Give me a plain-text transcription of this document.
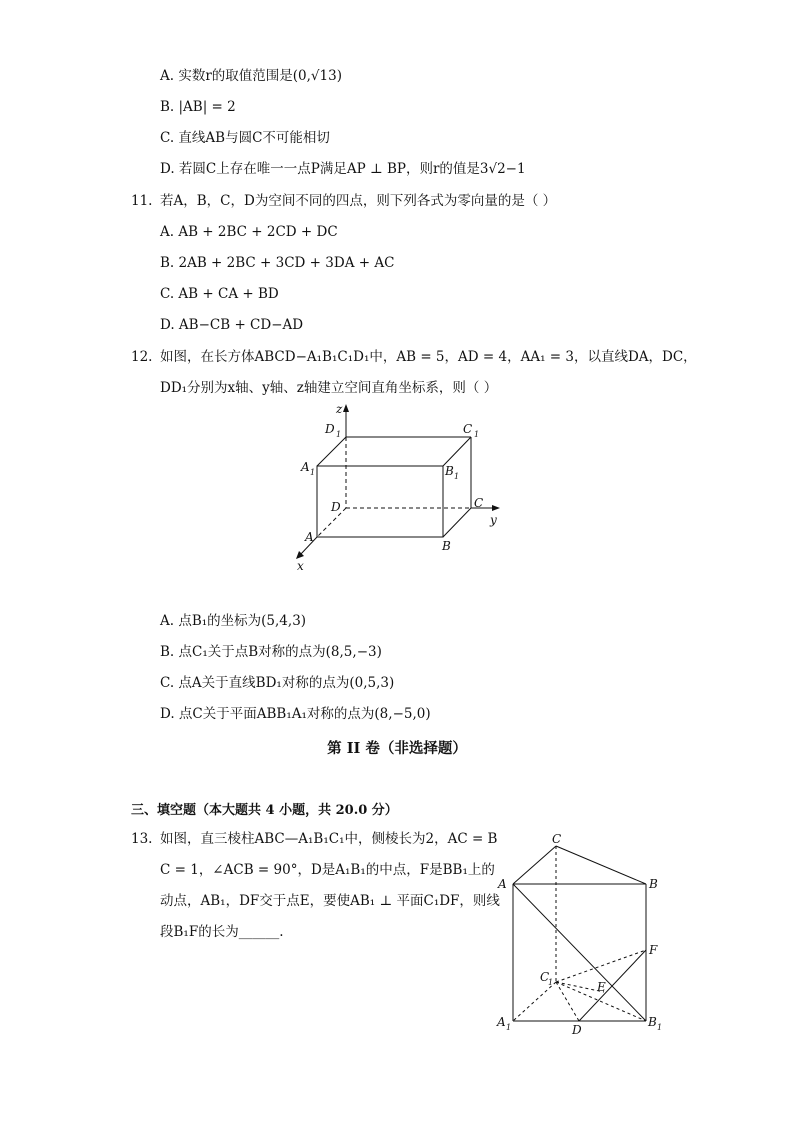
A. 实数r的取值范围是(0,√13)
B. |AB| = 2
C. 直线AB与圆C不可能相切
D. 若圆C上存在唯一一点P满足AP ⊥ BP，则r的值是3√2−1
11. 若A，B，C，D为空间不同的四点，则下列各式为零向量的是（ ）
A. AB + 2BC + 2CD + DC
B. 2AB + 2BC + 3CD + 3DA + AC
C. AB + CA + BD
D. AB−CB + CD−AD
12. 如图，在长方体ABCD−A₁B₁C₁D₁中，AB = 5，AD = 4，AA₁ = 3，以直线DA，DC，
DD₁分别为x轴、y轴、z轴建立空间直角坐标系，则（ ）
z
D 1	C 1
A 1	B 1
D	C
y
A
B
x
A. 点B₁的坐标为(5,4,3)
B. 点C₁关于点B对称的点为(8,5,−3)
C. 点A关于直线BD₁对称的点为(0,5,3)
D. 点C关于平面ABB₁A₁对称的点为(8,−5,0)
第 II 卷（非选择题）
三、填空题（本大题共 4 小题，共 20.0 分）
13. 如图，直三棱柱ABC—A₁B₁C₁中，侧棱长为2，AC = B
C = 1，∠ACB = 90°，D是A₁B₁的中点，F是BB₁上的
动点，AB₁，DF交于点E，要使AB₁ ⊥ 平面C₁DF，则线
段B₁F的长为______.
C
A	B
F
C
1	E
A 1	D
B 1
